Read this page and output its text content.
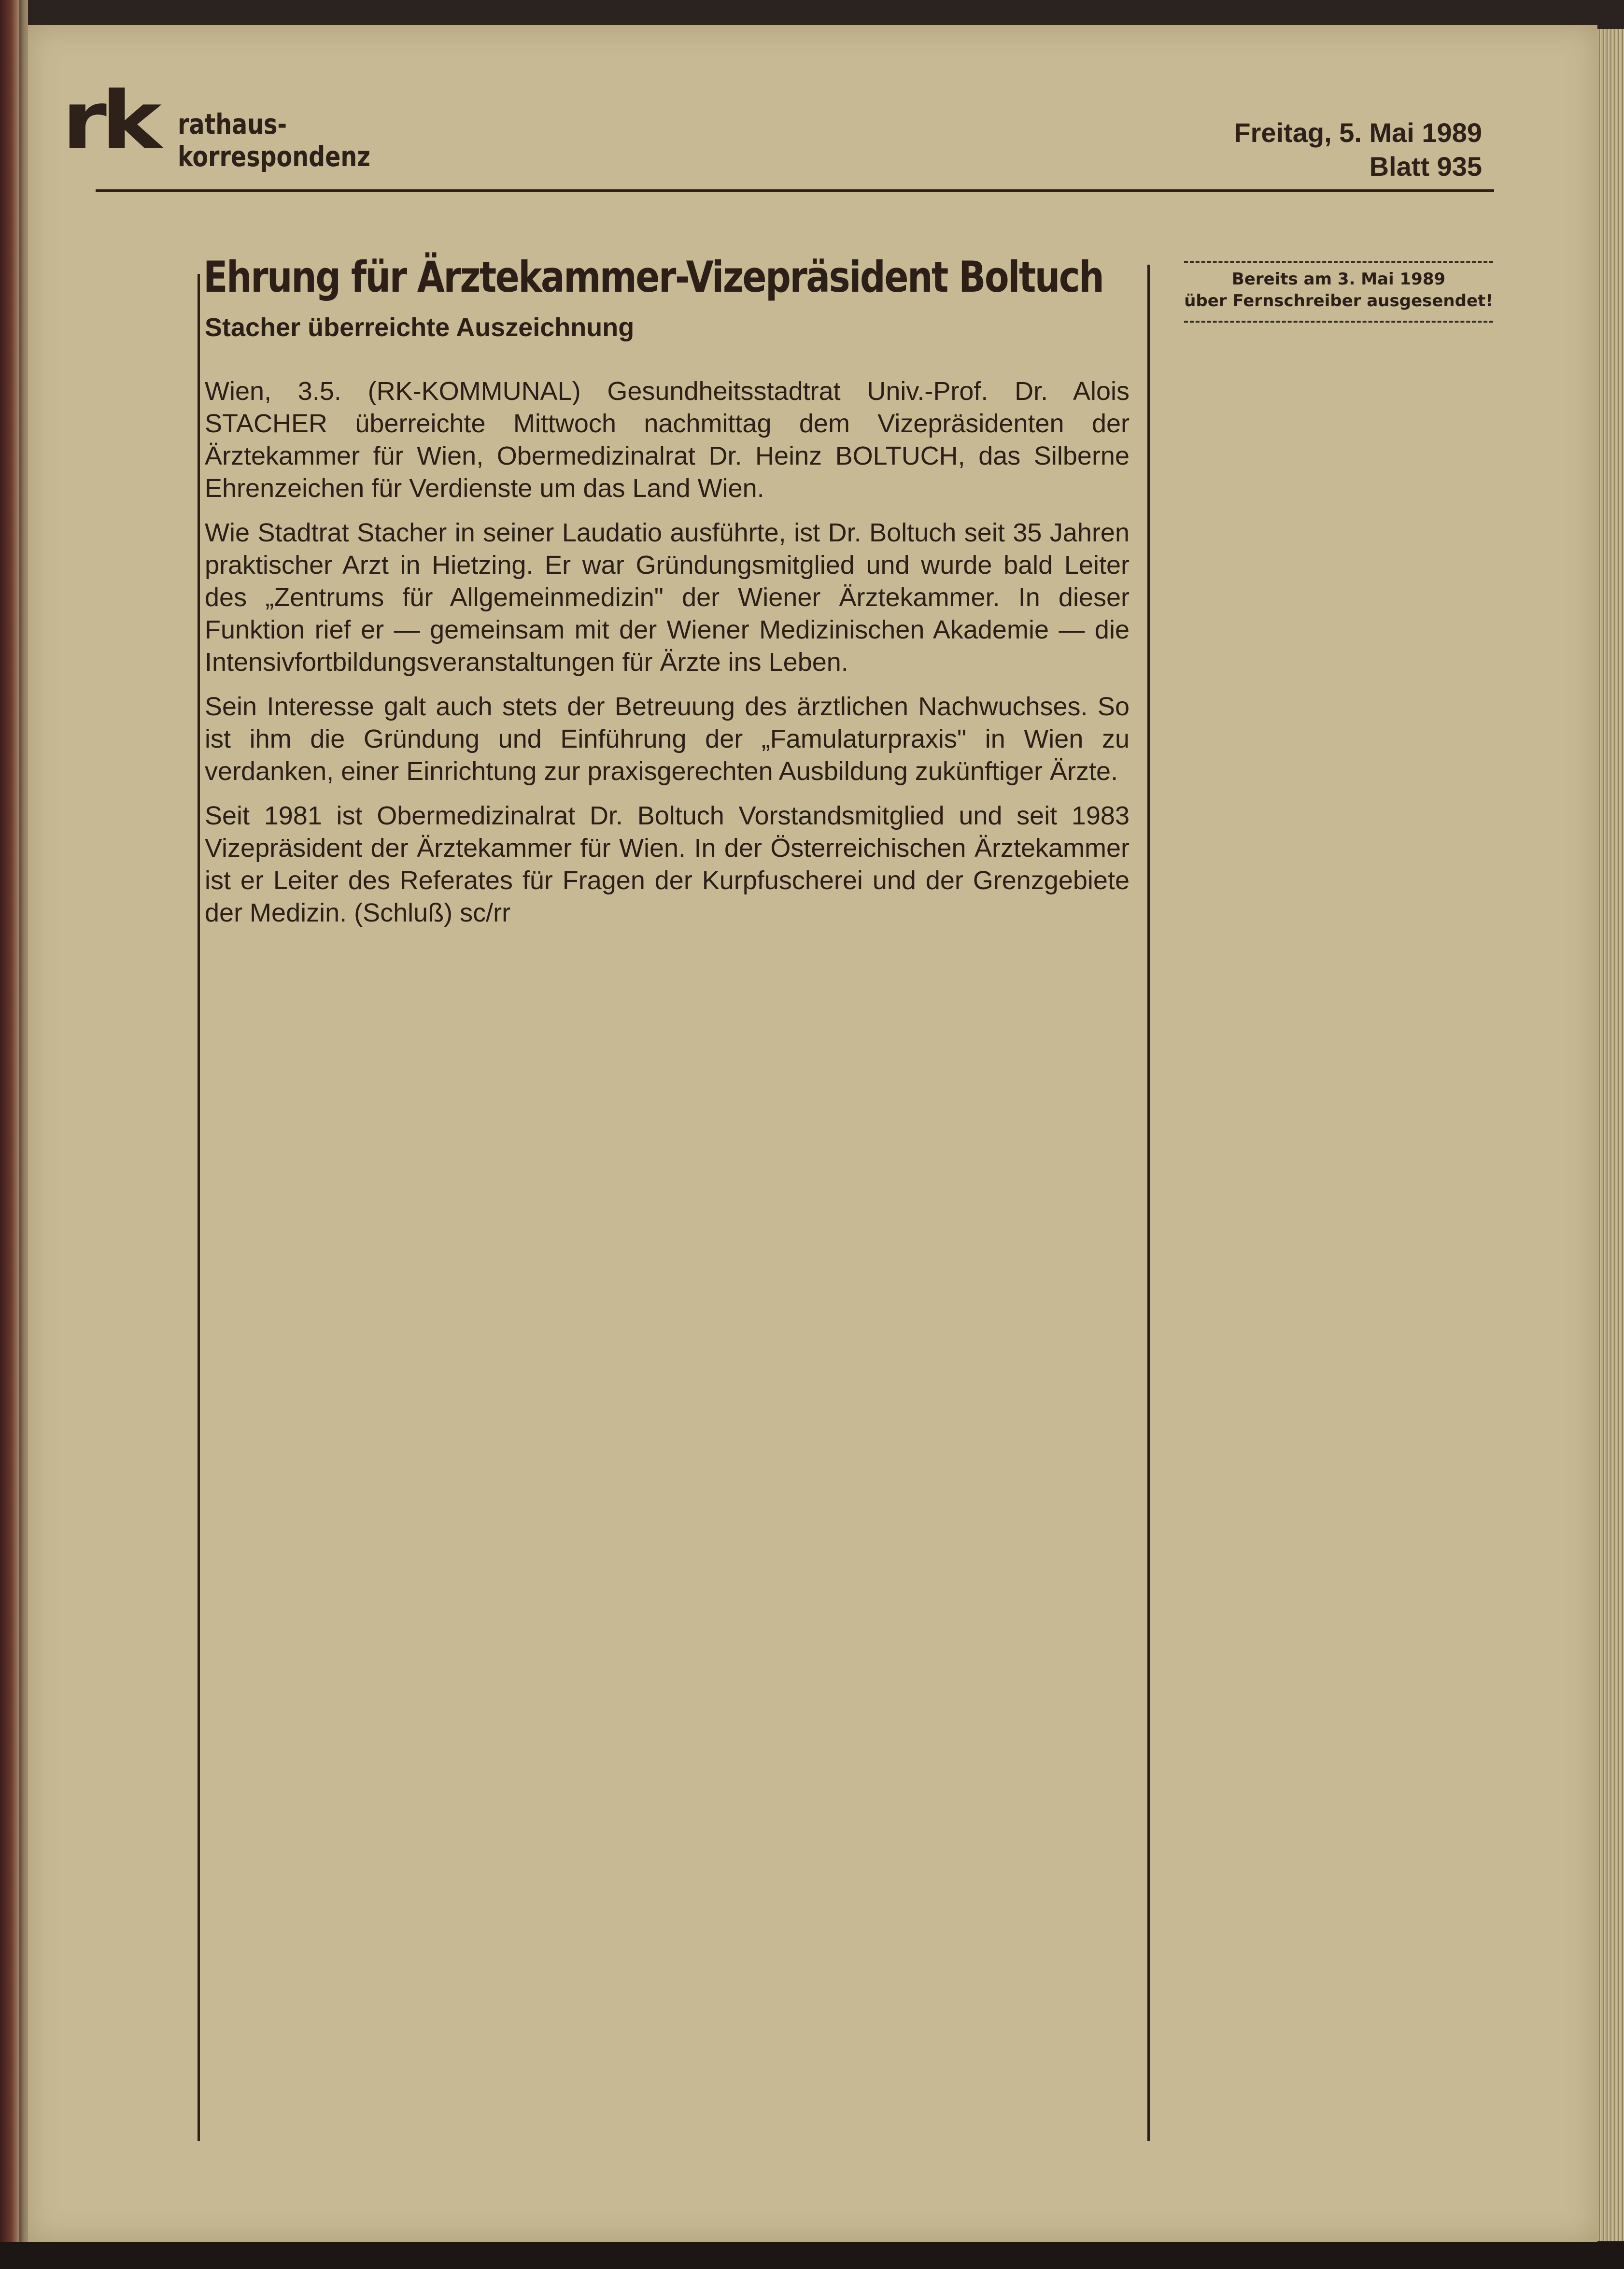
rk rathaus-
korrespondenz
Freitag, 5. Mai 1989
Blatt 935
Ehrung für Ärztekammer-Vizepräsident Boltuch
Stacher überreichte Auszeichnung

Wien, 3.5. (RK-KOMMUNAL) Gesundheitsstadtrat Univ.-Prof. Dr. Alois STACHER überreichte Mittwoch nachmittag dem Vizepräsidenten der Ärztekammer für Wien, Obermedizinalrat Dr. Heinz BOLTUCH, das Silberne Ehrenzeichen für Verdienste um das Land Wien.

Wie Stadtrat Stacher in seiner Laudatio ausführte, ist Dr. Boltuch seit 35 Jahren praktischer Arzt in Hietzing. Er war Gründungsmitglied und wurde bald Leiter des „Zentrums für Allgemeinmedizin" der Wiener Ärztekammer. In dieser Funktion rief er — gemeinsam mit der Wiener Medizinischen Akademie — die Intensivfortbildungsveranstaltungen für Ärzte ins Leben.

Sein Interesse galt auch stets der Betreuung des ärztlichen Nachwuchses. So ist ihm die Gründung und Einführung der „Famulaturpraxis" in Wien zu verdanken, einer Einrichtung zur praxisgerechten Ausbildung zukünftiger Ärzte.

Seit 1981 ist Obermedizinalrat Dr. Boltuch Vorstandsmitglied und seit 1983 Vizepräsident der Ärztekammer für Wien. In der Österreichischen Ärztekammer ist er Leiter des Referates für Fragen der Kurpfuscherei und der Grenzgebiete der Medizin. (Schluß) sc/rr

Bereits am 3. Mai 1989
über Fernschreiber ausgesendet!
